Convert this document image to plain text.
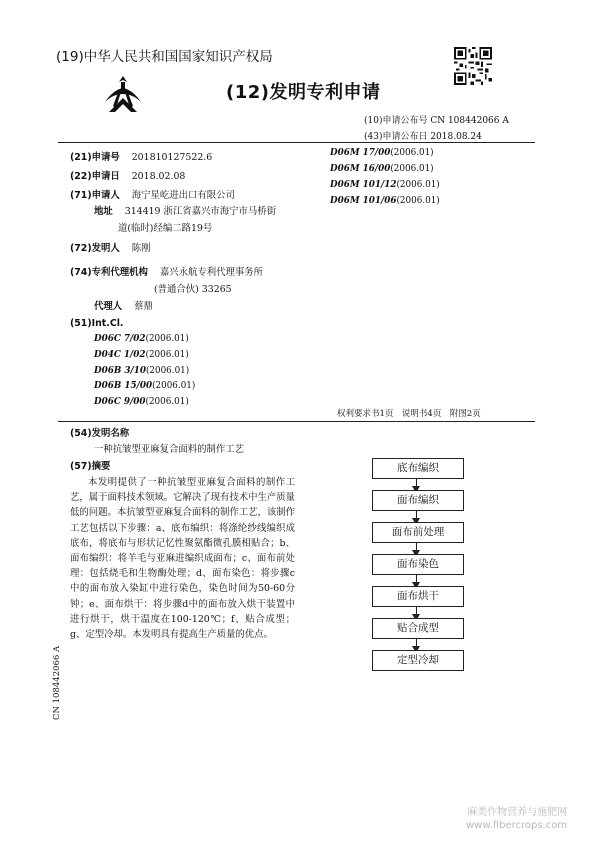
(19)中华人民共和国国家知识产权局
(12)发明专利申请
(10)申请公布号 CN 108442066 A
(43)申请公布日 2018.08.24
(21)申请号 201810127522.6
(22)申请日 2018.02.08
(71)申请人 海宁星屹进出口有限公司
地址 314419 浙江省嘉兴市海宁市马桥街
道(临时)经编二路19号
(72)发明人 陈刚
(74)专利代理机构 嘉兴永航专利代理事务所
(普通合伙) 33265
代理人 蔡鼎
(51)Int.Cl.
D06C 7/02(2006.01)
D04C 1/02(2006.01)
D06B 3/10(2006.01)
D06B 15/00(2006.01)
D06C 9/00(2006.01)
D06M 17/00(2006.01)
D06M 16/00(2006.01)
D06M 101/12(2006.01)
D06M 101/06(2006.01)
权利要求书1页　说明书4页　附图2页
(54)发明名称
一种抗皱型亚麻复合面料的制作工艺
(57)摘要
本发明提供了一种抗皱型亚麻复合面料的制作工艺，属于面料技术领域。它解决了现有技术中生产质量低的问题。本抗皱型亚麻复合面料的制作工艺，该制作工艺包括以下步骤：a、底布编织：将涤纶纱线编织成底布，将底布与形状记忆性聚氨酯微孔膜相贴合；b、面布编织：将羊毛与亚麻进编织成面布；c、面布前处理：包括烧毛和生物酶处理；d、面布染色：将步骤c中的面布放入染缸中进行染色，染色时间为50-60分钟；e、面布烘干：将步骤d中的面布放入烘干装置中进行烘干，烘干温度在100-120℃；f、贴合成型；g、定型冷却。本发明具有提高生产质量的优点。
底布编织
面布编织
面布前处理
面布染色
面布烘干
贴合成型
定型冷却
CN 108442066 A
麻类作物营养与施肥网
www.fibercrops.com
